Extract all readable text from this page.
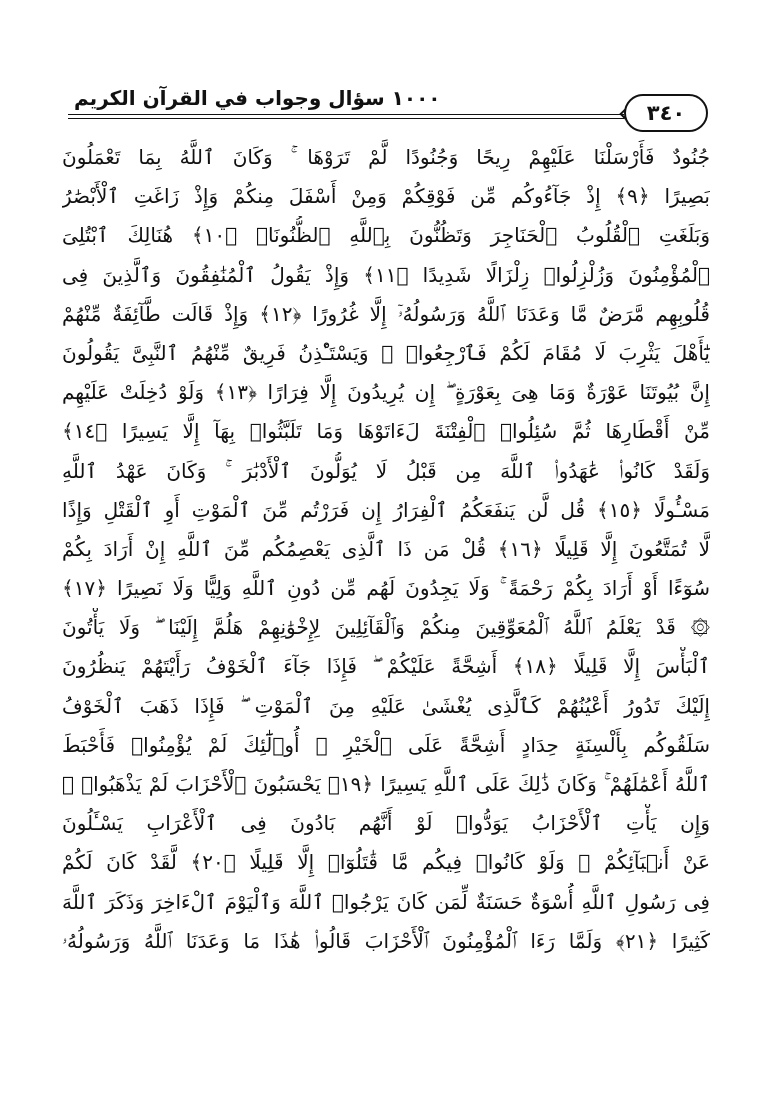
١٠٠٠ سؤال وجواب في القرآن الكريم
٣٤٠
جُنُودٌ فَأَرْسَلْنَا عَلَيْهِمْ رِيحًا وَجُنُودًا لَّمْ تَرَوْهَا ۚ وَكَانَ ٱللَّهُ بِمَا تَعْمَلُونَ
بَصِيرًا ﴿٩﴾ إِذْ جَآءُوكُم مِّن فَوْقِكُمْ وَمِنْ أَسْفَلَ مِنكُمْ وَإِذْ زَاغَتِ ٱلْأَبْصَٰرُ
وَبَلَغَتِ ٱلْقُلُوبُ ٱلْحَنَاجِرَ وَتَظُنُّونَ بِٱللَّهِ ٱلظُّنُونَا۠ ﴿١٠﴾ هُنَالِكَ ٱبْتُلِىَ
ٱلْمُؤْمِنُونَ وَزُلْزِلُوا۟ زِلْزَالًا شَدِيدًا ﴿١١﴾ وَإِذْ يَقُولُ ٱلْمُنَٰفِقُونَ وَٱلَّذِينَ فِى
قُلُوبِهِم مَّرَضٌ مَّا وَعَدَنَا ٱللَّهُ وَرَسُولُهُۥٓ إِلَّا غُرُورًا ﴿١٢﴾ وَإِذْ قَالَت طَّآئِفَةٌ مِّنْهُمْ
يَٰٓأَهْلَ يَثْرِبَ لَا مُقَامَ لَكُمْ فَٱرْجِعُوا۟ ۚ وَيَسْتَـْٔذِنُ فَرِيقٌ مِّنْهُمُ ٱلنَّبِىَّ يَقُولُونَ
إِنَّ بُيُوتَنَا عَوْرَةٌ وَمَا هِىَ بِعَوْرَةٍ ۖ إِن يُرِيدُونَ إِلَّا فِرَارًا ﴿١٣﴾ وَلَوْ دُخِلَتْ عَلَيْهِم
مِّنْ أَقْطَارِهَا ثُمَّ سُئِلُوا۟ ٱلْفِتْنَةَ لَءَاتَوْهَا وَمَا تَلَبَّثُوا۟ بِهَآ إِلَّا يَسِيرًا ﴿١٤﴾
وَلَقَدْ كَانُوا۟ عَٰهَدُوا۟ ٱللَّهَ مِن قَبْلُ لَا يُوَلُّونَ ٱلْأَدْبَٰرَ ۚ وَكَانَ عَهْدُ ٱللَّهِ
مَسْـُٔولًا ﴿١٥﴾ قُل لَّن يَنفَعَكُمُ ٱلْفِرَارُ إِن فَرَرْتُم مِّنَ ٱلْمَوْتِ أَوِ ٱلْقَتْلِ وَإِذًا
لَّا تُمَتَّعُونَ إِلَّا قَلِيلًا ﴿١٦﴾ قُلْ مَن ذَا ٱلَّذِى يَعْصِمُكُم مِّنَ ٱللَّهِ إِنْ أَرَادَ بِكُمْ
سُوٓءًا أَوْ أَرَادَ بِكُمْ رَحْمَةً ۚ وَلَا يَجِدُونَ لَهُم مِّن دُونِ ٱللَّهِ وَلِيًّا وَلَا نَصِيرًا ﴿١٧﴾
۞ قَدْ يَعْلَمُ ٱللَّهُ ٱلْمُعَوِّقِينَ مِنكُمْ وَٱلْقَآئِلِينَ لِإِخْوَٰنِهِمْ هَلُمَّ إِلَيْنَا ۖ وَلَا يَأْتُونَ
ٱلْبَأْسَ إِلَّا قَلِيلًا ﴿١٨﴾ أَشِحَّةً عَلَيْكُمْ ۖ فَإِذَا جَآءَ ٱلْخَوْفُ رَأَيْتَهُمْ يَنظُرُونَ
إِلَيْكَ تَدُورُ أَعْيُنُهُمْ كَٱلَّذِى يُغْشَىٰ عَلَيْهِ مِنَ ٱلْمَوْتِ ۖ فَإِذَا ذَهَبَ ٱلْخَوْفُ
سَلَقُوكُم بِأَلْسِنَةٍ حِدَادٍ أَشِحَّةً عَلَى ٱلْخَيْرِ ۚ أُو۟لَٰٓئِكَ لَمْ يُؤْمِنُوا۟ فَأَحْبَطَ
ٱللَّهُ أَعْمَٰلَهُمْ ۚ وَكَانَ ذَٰلِكَ عَلَى ٱللَّهِ يَسِيرًا ﴿١٩﴾ يَحْسَبُونَ ٱلْأَحْزَابَ لَمْ يَذْهَبُوا۟ ۖ
وَإِن يَأْتِ ٱلْأَحْزَابُ يَوَدُّوا۟ لَوْ أَنَّهُم بَادُونَ فِى ٱلْأَعْرَابِ يَسْـَٔلُونَ
عَنْ أَنۢبَآئِكُمْ ۖ وَلَوْ كَانُوا۟ فِيكُم مَّا قَٰتَلُوٓا۟ إِلَّا قَلِيلًا ﴿٢٠﴾ لَّقَدْ كَانَ لَكُمْ
فِى رَسُولِ ٱللَّهِ أُسْوَةٌ حَسَنَةٌ لِّمَن كَانَ يَرْجُوا۟ ٱللَّهَ وَٱلْيَوْمَ ٱلْءَاخِرَ وَذَكَرَ ٱللَّهَ
كَثِيرًا ﴿٢١﴾ وَلَمَّا رَءَا ٱلْمُؤْمِنُونَ ٱلْأَحْزَابَ قَالُوا۟ هَٰذَا مَا وَعَدَنَا ٱللَّهُ وَرَسُولُهُۥ
